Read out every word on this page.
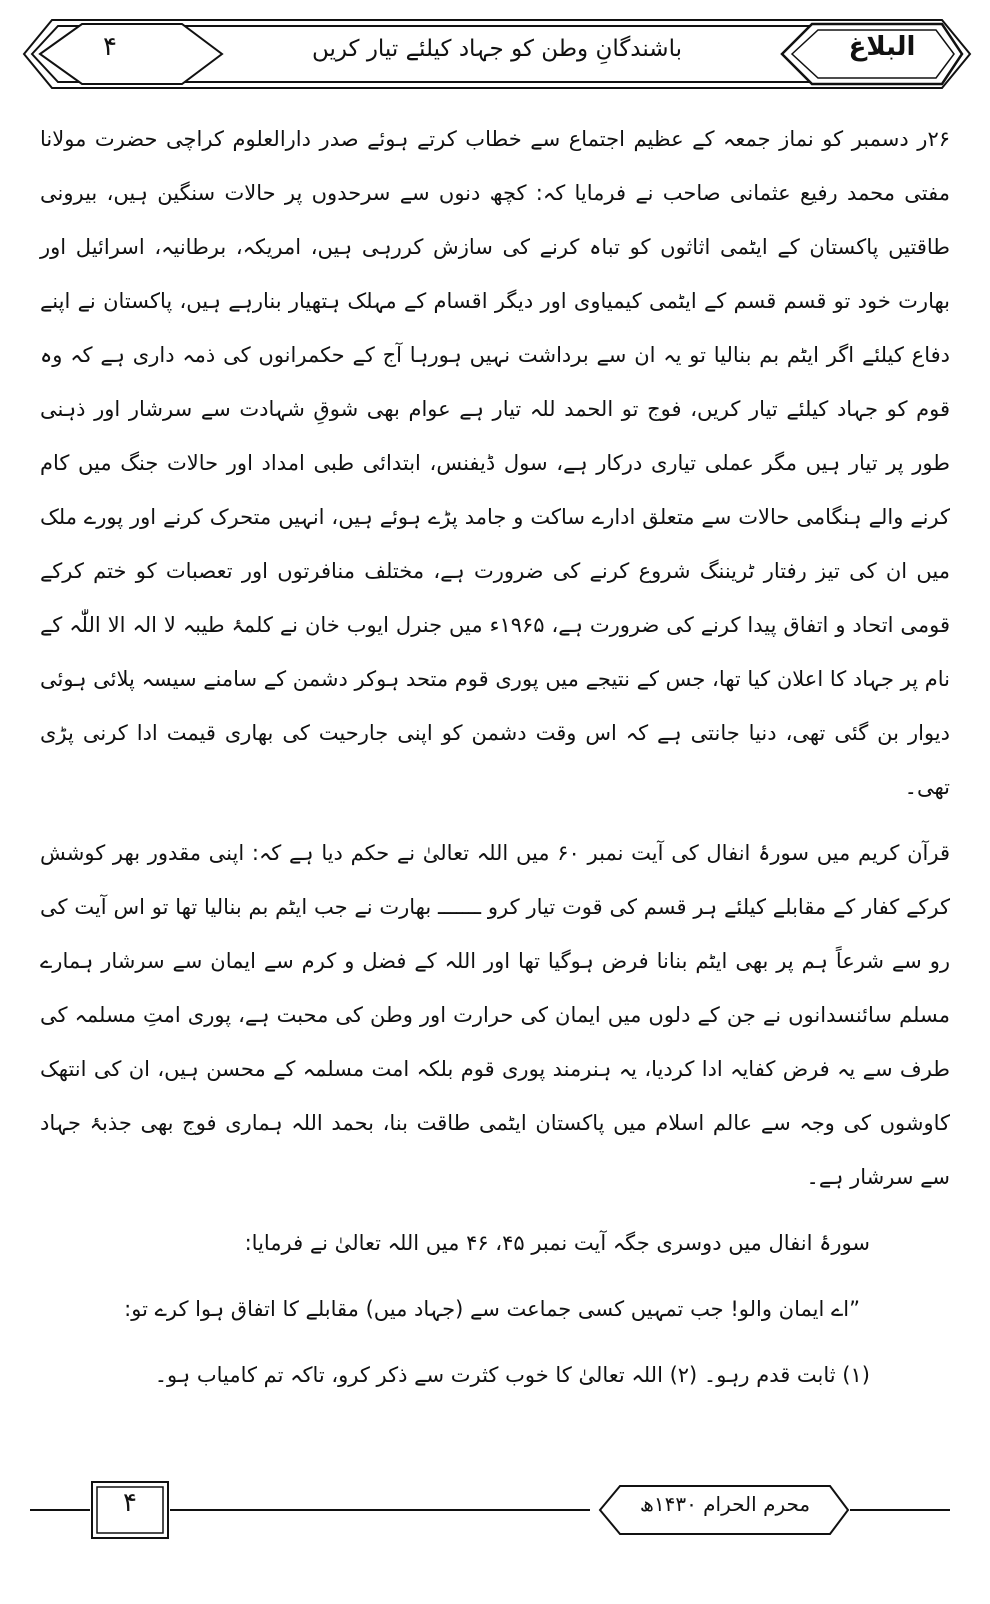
۴	باشندگانِ وطن کو جہاد کیلئے تیار کریں	البلاغ

۲۶ر دسمبر کو نماز جمعہ کے عظیم اجتماع سے خطاب کرتے ہوئے صدر دارالعلوم کراچی حضرت مولانا مفتی محمد رفیع عثمانی صاحب نے فرمایا کہ: کچھ دنوں سے سرحدوں پر حالات سنگین ہیں، بیرونی طاقتیں پاکستان کے ایٹمی اثاثوں کو تباہ کرنے کی سازش کررہی ہیں، امریکہ، برطانیہ، اسرائیل اور بھارت خود تو قسم قسم کے ایٹمی کیمیاوی اور دیگر اقسام کے مہلک ہتھیار بنارہے ہیں، پاکستان نے اپنے دفاع کیلئے اگر ایٹم بم بنالیا تو یہ ان سے برداشت نہیں ہورہا آج کے حکمرانوں کی ذمہ داری ہے کہ وہ قوم کو جہاد کیلئے تیار کریں، فوج تو الحمد للہ تیار ہے عوام بھی شوقِ شہادت سے سرشار اور ذہنی طور پر تیار ہیں مگر عملی تیاری درکار ہے، سول ڈیفنس، ابتدائی طبی امداد اور حالات جنگ میں کام کرنے والے ہنگامی حالات سے متعلق ادارے ساکت و جامد پڑے ہوئے ہیں، انہیں متحرک کرنے اور پورے ملک میں ان کی تیز رفتار ٹریننگ شروع کرنے کی ضرورت ہے، مختلف منافرتوں اور تعصبات کو ختم کرکے قومی اتحاد و اتفاق پیدا کرنے کی ضرورت ہے، ۱۹۶۵ء میں جنرل ایوب خان نے کلمۂ طیبہ لا الہ الا اللّٰہ کے نام پر جہاد کا اعلان کیا تھا، جس کے نتیجے میں پوری قوم متحد ہوکر دشمن کے سامنے سیسہ پلائی ہوئی دیوار بن گئی تھی، دنیا جانتی ہے کہ اس وقت دشمن کو اپنی جارحیت کی بھاری قیمت ادا کرنی پڑی تھی۔

قرآن کریم میں سورۂ انفال کی آیت نمبر ۶۰ میں اللہ تعالیٰ نے حکم دیا ہے کہ: اپنی مقدور بھر کوشش کرکے کفار کے مقابلے کیلئے ہر قسم کی قوت تیار کرو ـــــــ بھارت نے جب ایٹم بم بنالیا تھا تو اس آیت کی رو سے شرعاً ہم پر بھی ایٹم بنانا فرض ہوگیا تھا اور اللہ کے فضل و کرم سے ایمان سے سرشار ہمارے مسلم سائنسدانوں نے جن کے دلوں میں ایمان کی حرارت اور وطن کی محبت ہے، پوری امتِ مسلمہ کی طرف سے یہ فرض کفایہ ادا کردیا، یہ ہنرمند پوری قوم بلکہ امت مسلمہ کے محسن ہیں، ان کی انتھک کاوشوں کی وجہ سے عالم اسلام میں پاکستان ایٹمی طاقت بنا، بحمد اللہ ہماری فوج بھی جذبۂ جہاد سے سرشار ہے۔

سورۂ انفال میں دوسری جگہ آیت نمبر ۴۵، ۴۶ میں اللہ تعالیٰ نے فرمایا:

”اے ایمان والو! جب تمہیں کسی جماعت سے (جہاد میں) مقابلے کا اتفاق ہوا کرے تو:

(۱) ثابت قدم رہو۔ (۲) اللہ تعالیٰ کا خوب کثرت سے ذکر کرو، تاکہ تم کامیاب ہو۔

۴	محرم الحرام ۱۴۳۰ھ
